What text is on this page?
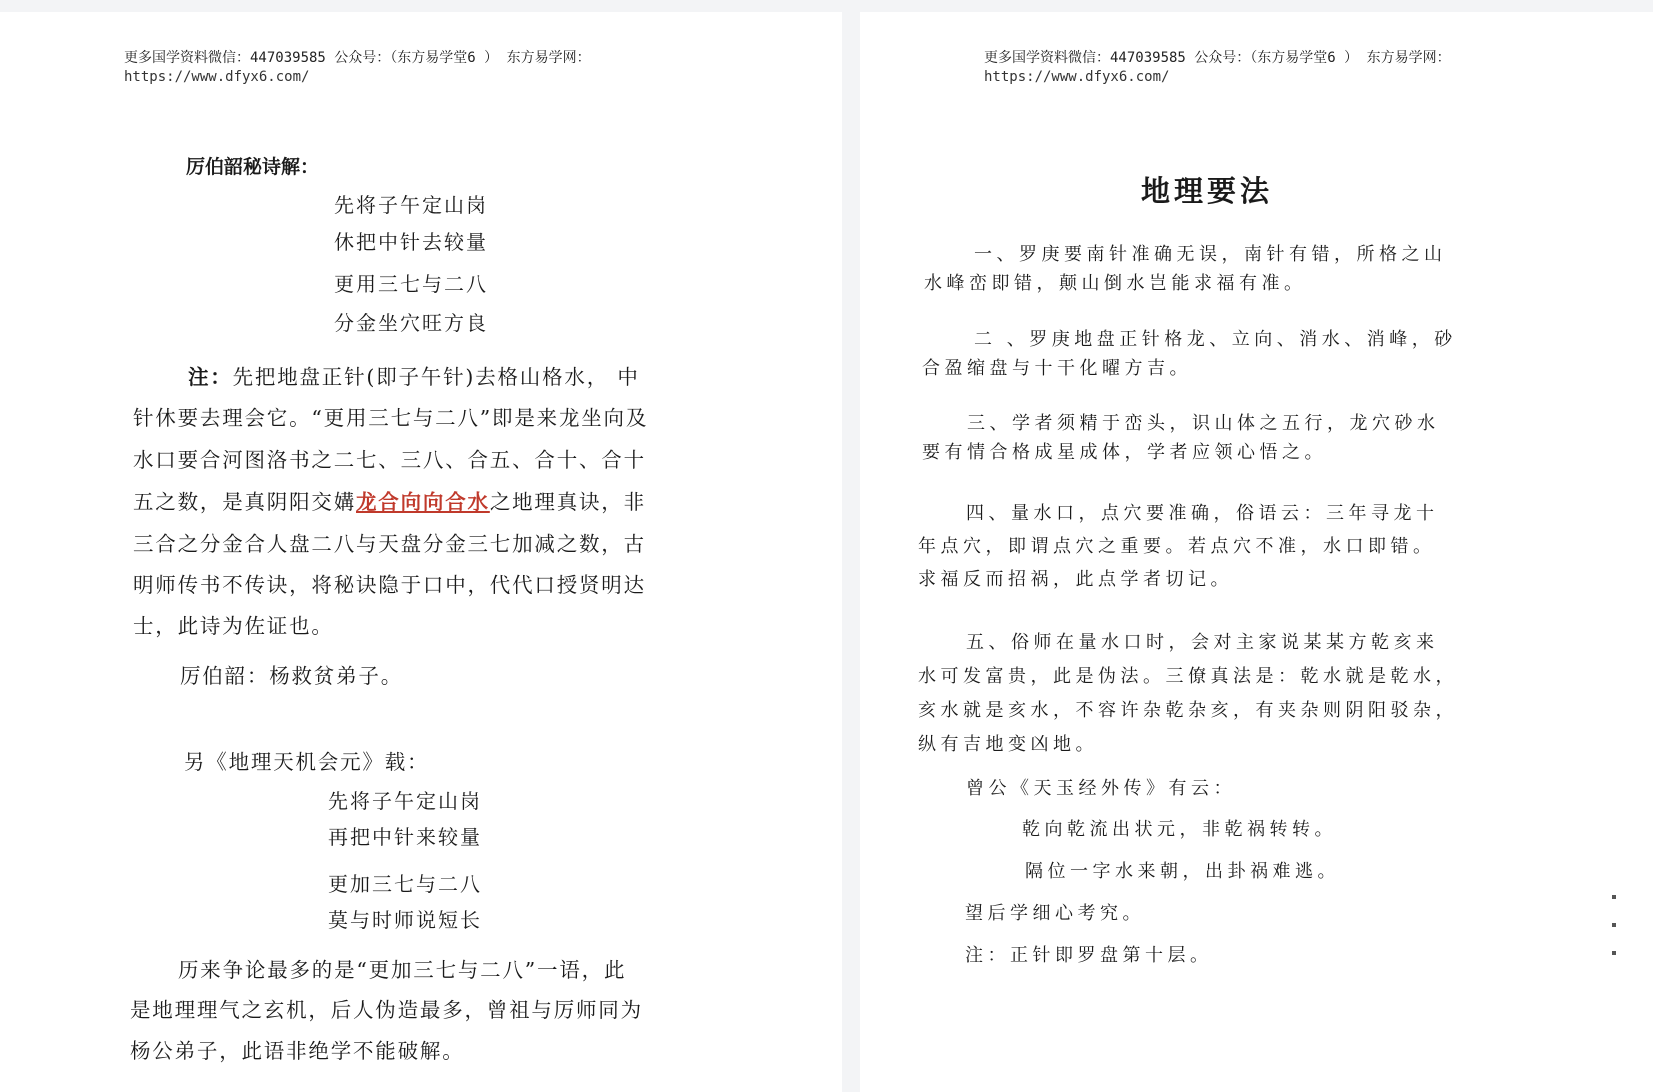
更多国学资料微信：447039585 公众号：（东方易学堂6 ） 东方易学网：
https://www.dfyx6.com/
厉伯韶秘诗解：
先将子午定山岗
休把中针去较量
更用三七与二八
分金坐穴旺方良
注：先把地盘正针(即子午针)去格山格水， 中
针休要去理会它。“更用三七与二八”即是来龙坐向及
水口要合河图洛书之二七、三八、合五、合十、合十
五之数，是真阴阳交媾龙合向向合水之地理真诀，非
三合之分金合人盘二八与天盘分金三七加减之数，古
明师传书不传诀，将秘诀隐于口中，代代口授贤明达
士，此诗为佐证也。
厉伯韶：杨救贫弟子。
另《地理天机会元》载：
先将子午定山岗
再把中针来较量
更加三七与二八
莫与时师说短长
历来争论最多的是“更加三七与二八”一语，此
是地理理气之玄机，后人伪造最多，曾祖与厉师同为
杨公弟子，此语非绝学不能破解。
更多国学资料微信：447039585 公众号：（东方易学堂6 ） 东方易学网：
https://www.dfyx6.com/
地理要法
一、罗庚要南针准确无误，南针有错，所格之山
水峰峦即错，颠山倒水岂能求福有准。
二 、罗庚地盘正针格龙、立向、消水、消峰，砂
合盈缩盘与十干化曜方吉。
三、学者须精于峦头，识山体之五行，龙穴砂水
要有情合格成星成体，学者应领心悟之。
四、量水口，点穴要准确，俗语云：三年寻龙十
年点穴，即谓点穴之重要。若点穴不准，水口即错。
求福反而招祸，此点学者切记。
五、俗师在量水口时，会对主家说某某方乾亥来
水可发富贵，此是伪法。三僚真法是：乾水就是乾水，
亥水就是亥水，不容许杂乾杂亥，有夹杂则阴阳驳杂，
纵有吉地变凶地。
曾公《天玉经外传》有云：
乾向乾流出状元，非乾祸转转。
隔位一字水来朝，出卦祸难逃。
望后学细心考究。
注：正针即罗盘第十层。
